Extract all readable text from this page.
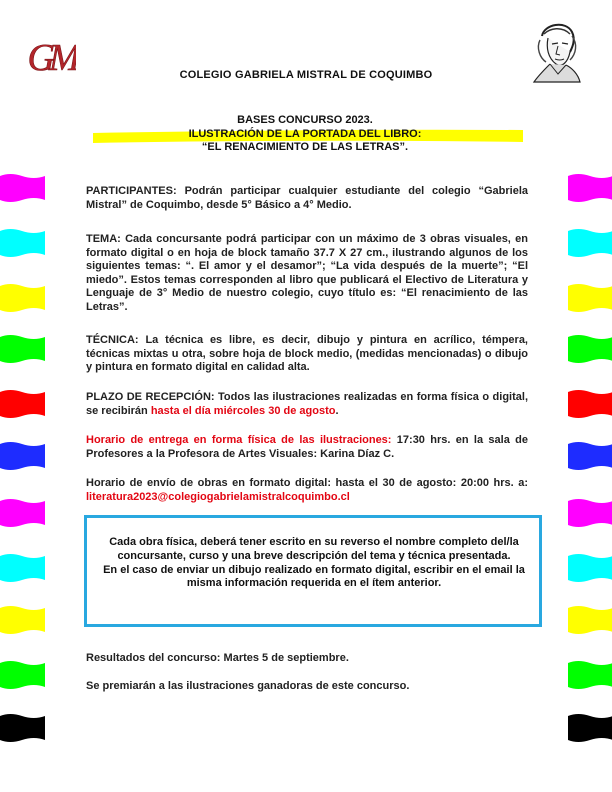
GM	COLEGIO GABRIELA MISTRAL DE COQUIMBO
BASES CONCURSO 2023.
ILUSTRACIÓN DE LA PORTADA DEL LIBRO:
“EL RENACIMIENTO DE LAS LETRAS”.
PARTICIPANTES: Podrán participar cualquier estudiante del colegio “Gabriela Mistral” de Coquimbo, desde 5° Básico a 4° Medio.
TEMA: Cada concursante podrá participar con un máximo de 3 obras visuales, en formato digital o en hoja de block tamaño 37.7 X 27 cm., ilustrando algunos de los siguientes temas: “. El amor y el desamor”; “La vida después de la muerte”; “El miedo”. Estos temas corresponden al libro que publicará el Electivo de Literatura y Lenguaje de 3° Medio de nuestro colegio, cuyo título es: “El renacimiento de las Letras”.
TÉCNICA: La técnica es libre, es decir, dibujo y pintura en acrílico, témpera, técnicas mixtas u otra, sobre hoja de block medio, (medidas mencionadas) o dibujo y pintura en formato digital en calidad alta.
PLAZO DE RECEPCIÓN: Todos las ilustraciones realizadas en forma física o digital, se recibirán hasta el día miércoles 30 de agosto.
Horario de entrega en forma física de las ilustraciones: 17:30 hrs. en la sala de Profesores a la Profesora de Artes Visuales: Karina Díaz C.
Horario de envío de obras en formato digital: hasta el 30 de agosto: 20:00 hrs. a: literatura2023@colegiogabrielamistralcoquimbo.cl

Cada obra física, deberá tener escrito en su reverso el nombre completo del/la concursante, curso y una breve descripción del tema y técnica presentada.

En el caso de enviar un dibujo realizado en formato digital, escribir en el email la misma información requerida en el ítem anterior.

Resultados del concurso: Martes 5 de septiembre.
Se premiarán a las ilustraciones ganadoras de este concurso.
